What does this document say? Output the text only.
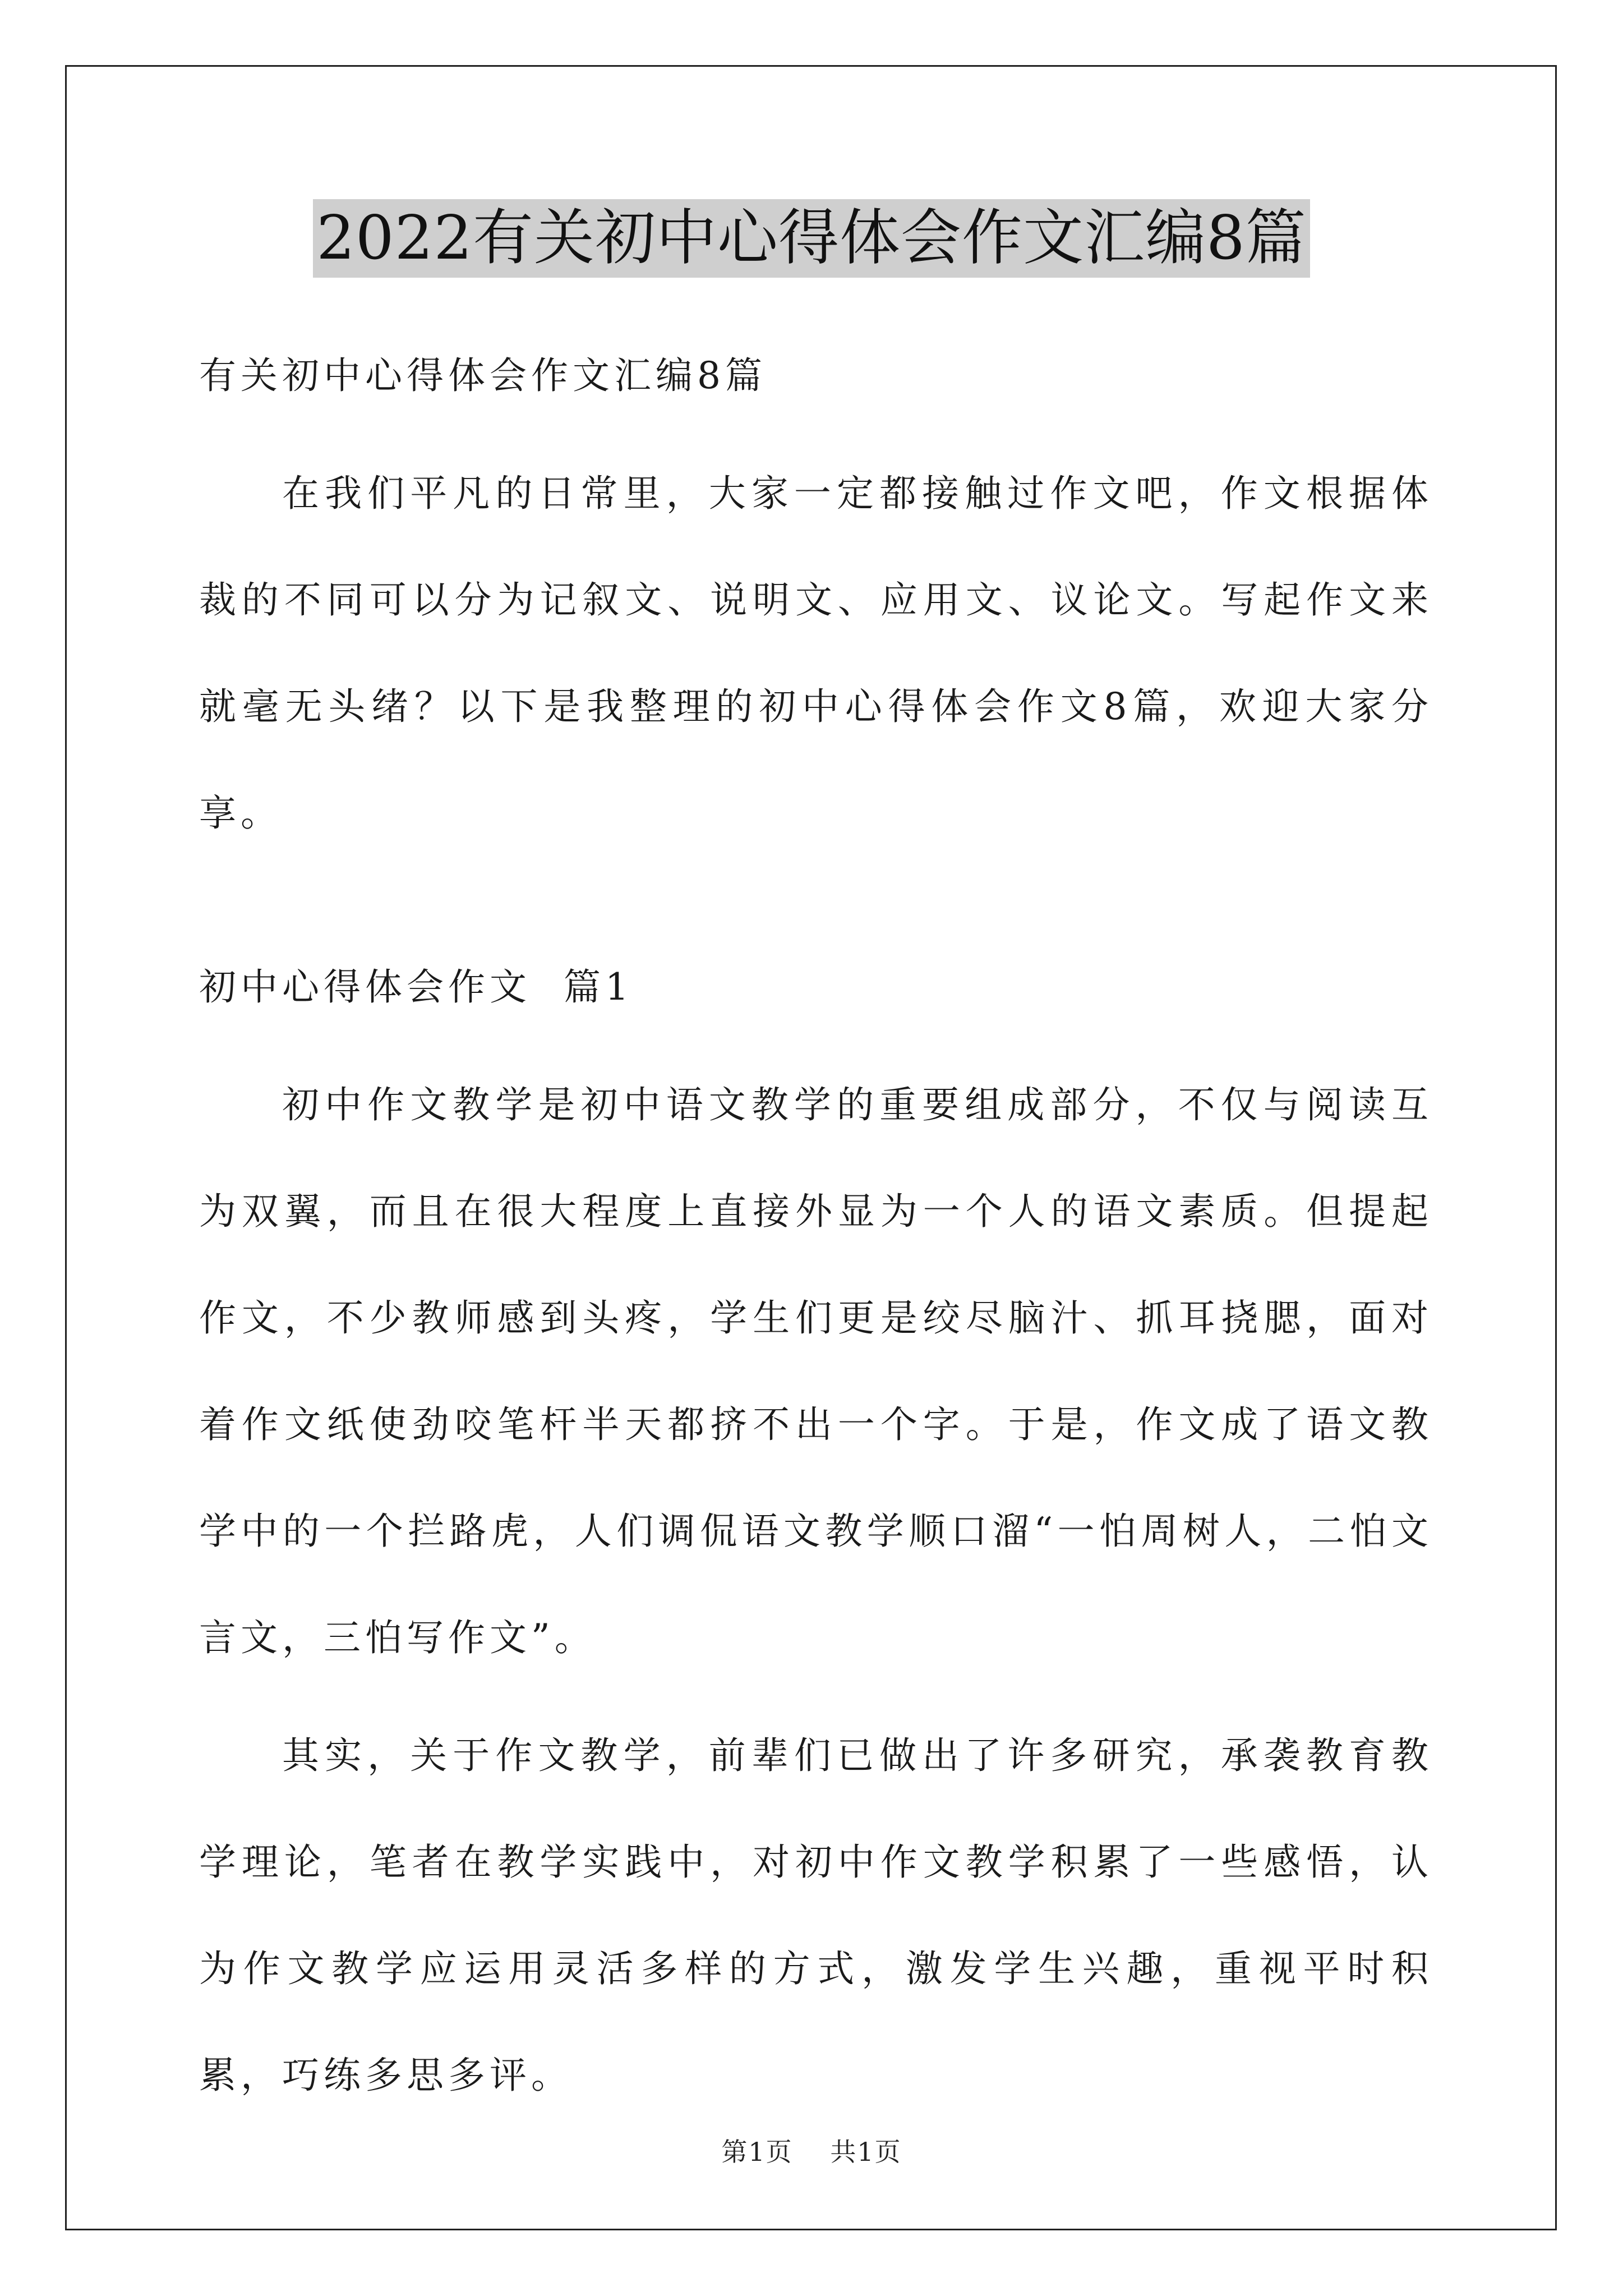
2022有关初中心得体会作文汇编8篇

有关初中心得体会作文汇编8篇

在我们平凡的日常里，大家一定都接触过作文吧，作文根据体裁的不同可以分为记叙文、说明文、应用文、议论文。写起作文来就毫无头绪？以下是我整理的初中心得体会作文8篇，欢迎大家分享。

初中心得体会作文  篇1

初中作文教学是初中语文教学的重要组成部分，不仅与阅读互为双翼，而且在很大程度上直接外显为一个人的语文素质。但提起作文，不少教师感到头疼，学生们更是绞尽脑汁、抓耳挠腮，面对着作文纸使劲咬笔杆半天都挤不出一个字。于是，作文成了语文教学中的一个拦路虎，人们调侃语文教学顺口溜“一怕周树人，二怕文言文，三怕写作文”。

其实，关于作文教学，前辈们已做出了许多研究，承袭教育教学理论，笔者在教学实践中，对初中作文教学积累了一些感悟，认为作文教学应运用灵活多样的方式，激发学生兴趣，重视平时积累，巧练多思多评。

第1页 共1页
